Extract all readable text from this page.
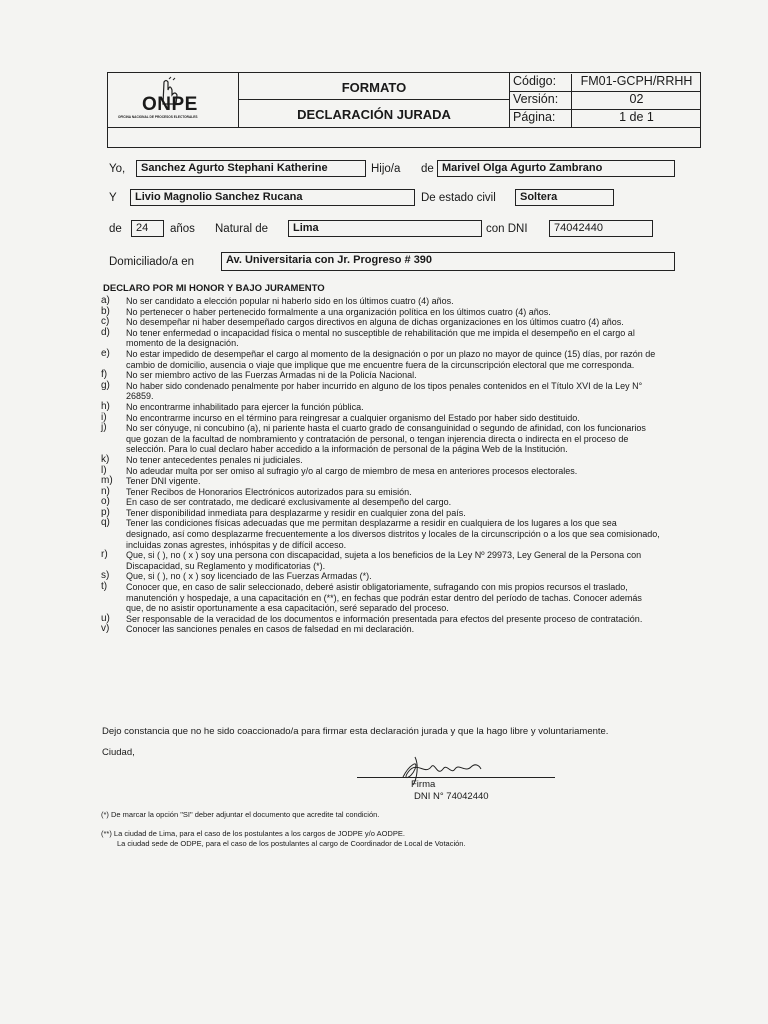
ONPE
OFICINA NACIONAL DE PROCESOS ELECTORALES
FORMATO
DECLARACIÓN JURADA
Código:	FM01-GCPH/RRHH
Versión:	02
Página:	1 de 1
Yo,	Sanchez Agurto Stephani Katherine	Hijo/a de Marivel Olga Agurto Zambrano
Y	Livio Magnolio Sanchez Rucana	De estado civil	Soltera
de	24	años Natural de	Lima	con DNI	74042440
Domiciliado/a en	Av. Universitaria con Jr. Progreso # 390
DECLARO POR MI HONOR Y BAJO JURAMENTO
a) No ser candidato a elección popular ni haberlo sido en los últimos cuatro (4) años.
b) No pertenecer o haber pertenecido formalmente a una organización política en los últimos cuatro (4) años.
c) No desempeñar ni haber desempeñado cargos directivos en alguna de dichas organizaciones en los últimos cuatro (4) años.
d) No tener enfermedad o incapacidad física o mental no susceptible de rehabilitación que me impida el desempeño en el cargo al momento de la designación.
e) No estar impedido de desempeñar el cargo al momento de la designación o por un plazo no mayor de quince (15) días, por razón de cambio de domicilio, ausencia o viaje que implique que me encuentre fuera de la circunscripción electoral que me corresponda.
f) No ser miembro activo de las Fuerzas Armadas ni de la Policía Nacional.
g) No haber sido condenado penalmente por haber incurrido en alguno de los tipos penales contenidos en el Título XVI de la Ley N° 26859.
h) No encontrarme inhabilitado para ejercer la función pública.
i) No encontrarme incurso en el término para reingresar a cualquier organismo del Estado por haber sido destituido.
j) No ser cónyuge, ni concubino (a), ni pariente hasta el cuarto grado de consanguinidad o segundo de afinidad, con los funcionarios que gozan de la facultad de nombramiento y contratación de personal, o tengan injerencia directa o indirecta en el proceso de selección. Para lo cual declaro haber accedido a la información de personal de la página Web de la Institución.
k) No tener antecedentes penales ni judiciales.
l) No adeudar multa por ser omiso al sufragio y/o al cargo de miembro de mesa en anteriores procesos electorales.
m) Tener DNI vigente.
n) Tener Recibos de Honorarios Electrónicos autorizados para su emisión.
o) En caso de ser contratado, me dedicaré exclusivamente al desempeño del cargo.
p) Tener disponibilidad inmediata para desplazarme y residir en cualquier zona del país.
q) Tener las condiciones físicas adecuadas que me permitan desplazarme a residir en cualquiera de los lugares a los que sea designado, así como desplazarme frecuentemente a los diversos distritos y locales de la circunscripción o a los que sea comisionado, incluidas zonas agrestes, inhóspitas y de difícil acceso.
r) Que, si ( ), no ( x ) soy una persona con discapacidad, sujeta a los beneficios de la Ley Nº 29973, Ley General de la Persona con Discapacidad, su Reglamento y modificatorias (*).
s) Que, si ( ), no ( x ) soy licenciado de las Fuerzas Armadas (*).
t) Conocer que, en caso de salir seleccionado, deberé asistir obligatoriamente, sufragando con mis propios recursos el traslado, manutención y hospedaje, a una capacitación en (**), en fechas que podrán estar dentro del período de tachas. Conocer además que, de no asistir oportunamente a esa capacitación, seré separado del proceso.
u) Ser responsable de la veracidad de los documentos e información presentada para efectos del presente proceso de contratación.
v) Conocer las sanciones penales en casos de falsedad en mi declaración.
Dejo constancia que no he sido coaccionado/a para firmar esta declaración jurada y que la hago libre y voluntariamente.
Ciudad,
Firma
DNI N° 74042440
(*) De marcar la opción "SI" deber adjuntar el documento que acredite tal condición.
(**) La ciudad de Lima, para el caso de los postulantes a los cargos de JODPE y/o AODPE.
La ciudad sede de ODPE, para el caso de los postulantes al cargo de Coordinador de Local de Votación.
